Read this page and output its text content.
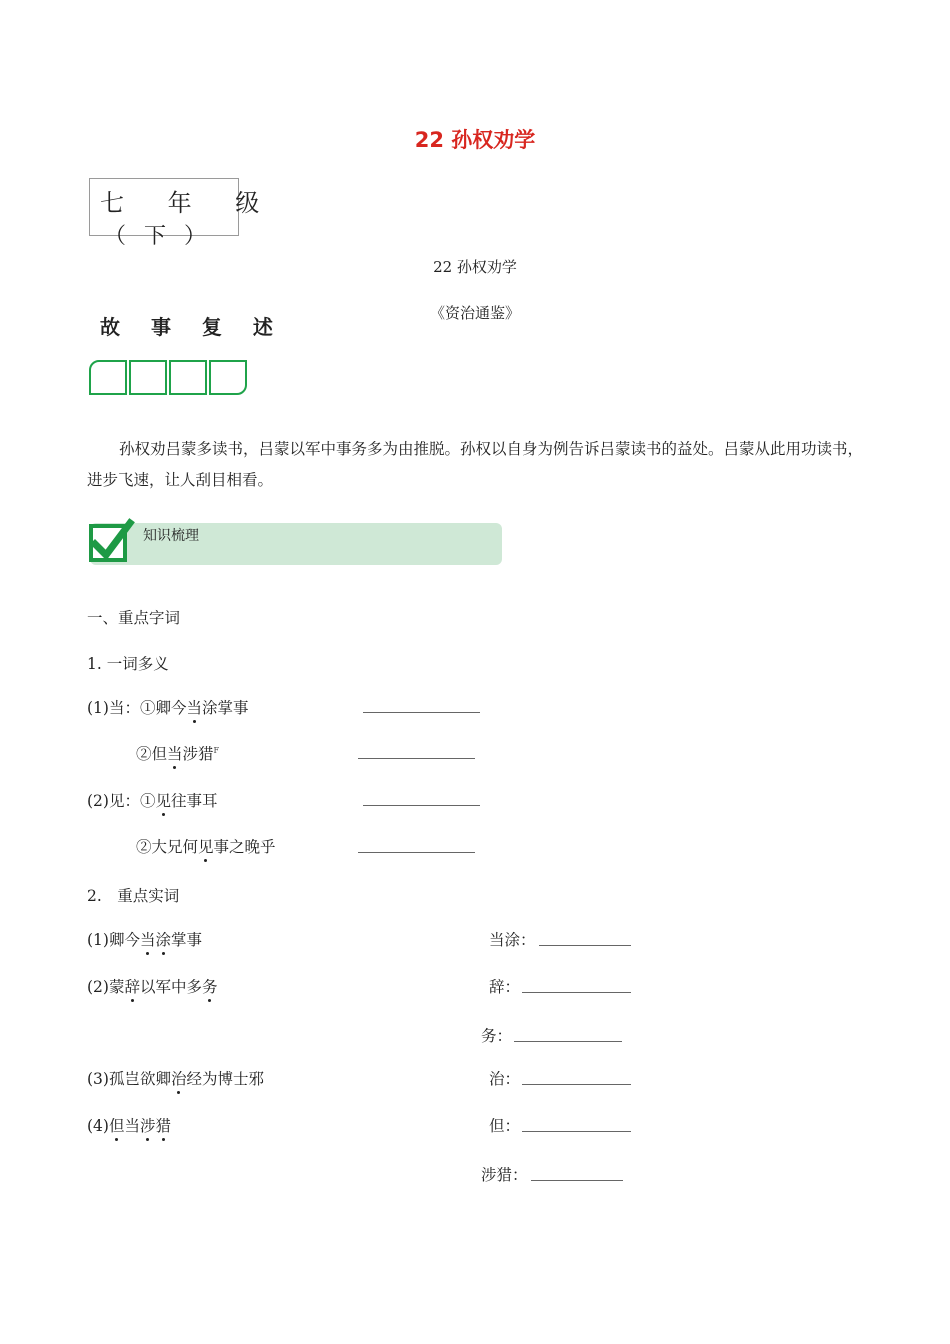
22 孙权劝学
七 年 级
（下）
22 孙权劝学
《资治通鉴》
故 事 复 述
孙权劝吕蒙多读书，吕蒙以军中事务多为由推脱。孙权以自身为例告诉吕蒙读书的益处。吕蒙从此用功读书，进步飞速，让人刮目相看。
知识梳理
一、重点字词
1. 一词多义
(1)当：①卿今当涂掌事
②但当涉猎$^F$
(2)见：①见往事耳
②大兄何见事之晚乎
2.　重点实词
(1)卿今当涂掌事	当涂：
(2)蒙辞以军中多务	辞：
务：
(3)孤岂欲卿治经为博士邪	治：
(4)但当涉猎	但：
涉猎：
